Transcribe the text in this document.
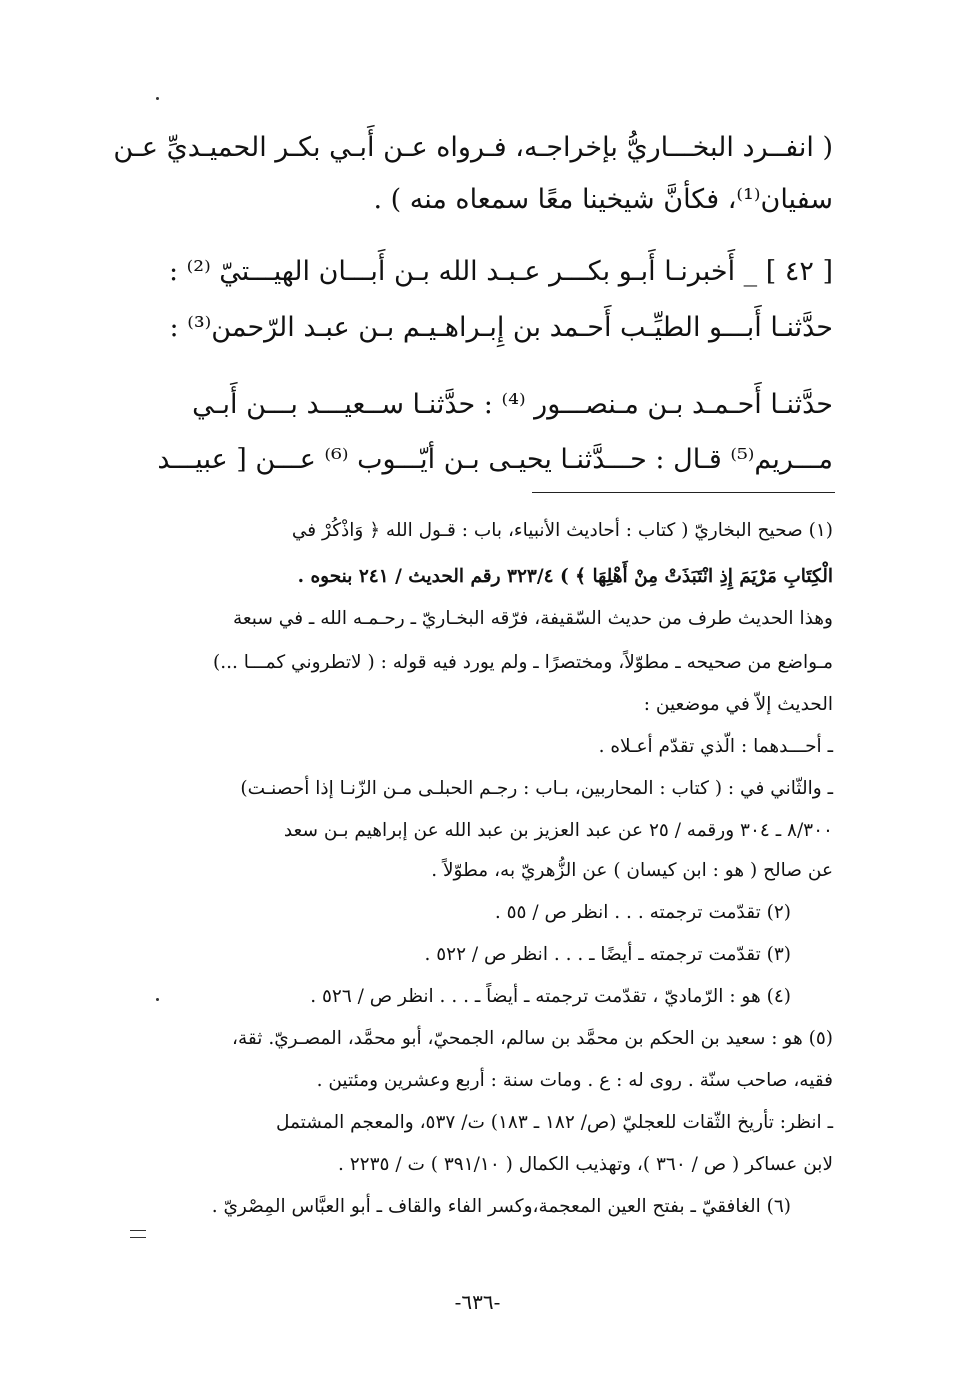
( انفــرد البخـــاريُّ بإخراجـه، فـرواه عـن أَبـي بكـر الحميـديِّ عـن
سفيان⁽¹⁾، فكأنَّ شيخينا معًا سمعاه منه ) .
[ ٤٢ ] _ أَخبرنـا أَبـو بكـــر عـبـد الله بـن أَبـــان الهيـــتيّ ⁽²⁾ :
حدَّثنـا أَبـــو الطيِّـب أَحـمد بن إِبـراهـيـم بـن عبـد الرّحمن⁽³⁾ :
حدَّثنـا أَحـمـد بـن مـنصـــور ⁽⁴⁾ : حدَّثنـا ســعيـــد بـــن أَبـي
مـــريم⁽⁵⁾ قـال : حـــدَّثنـا يحيـى بـن أيّـــوب ⁽⁶⁾ عـــن [ عبيـــد
(١) صحيح البخاريّ ( كتاب : أحاديث الأنبياء، باب : قـول الله ﴿ وَاذْكُرْ في
الْكِتَابِ مَرْيَمَ إِذِ انْتَبَذَتْ مِنْ أَهْلِهَا ﴾ ) ٣٢٣/٤ رقم الحديث / ٢٤١ بنحوه .
وهذا الحديث طرف من حديث السّقيفة، فرّقه البخـاريّ ـ رحـمـه الله ـ في سبعة
مـواضع من صحيحه ـ مطوّلاً، ومختصرًا ـ ولم يورد فيه قوله : ( لاتطروني كمـــا ...)
الحديث إلاّ في موضعين :
ـ أحـــدهما : الّذي تقدّم أعـلاه .
ـ والثّاني في : ( كتاب : المحاربين، بـاب : رجـم الحبلـى مـن الزّنـا إذا أحصنـت)
٨/٣٠٠ ـ ٣٠٤ ورقمه / ٢٥ عن عبد العزيز بن عبد الله عن إبراهيم بـن سعد
عن صالح ( هو : ابن كيسان ) عن الزُّهريّ به، مطوّلاً .
(٢) تقدّمت ترجمته . . . انظر ص / ٥٥ .
(٣) تقدّمت ترجمته ـ أيضًا ـ . . . انظر ص / ٥٢٢ .
(٤) هو : الرّماديّ ، تقدّمت ترجمته ـ أيضاً ـ . . . انظر ص / ٥٢٦ .
(٥) هو : سعيد بن الحكم بن محمَّد بن سالم، الجمحيّ، أبو محمَّد، المصـريّ. ثقة،
فقيه، صاحب سنّة . روى له : ع . ومات سنة : أربع وعشرين ومئتين .
ـ انظر: تأريخ الثّقات للعجليّ (ص/ ١٨٢ ـ ١٨٣) ت/ ٥٣٧، والمعجم المشتمل
لابن عساكر ( ص / ٣٦٠ )، وتهذيب الكمال ( ٣٩١/١٠ ) ت / ٢٢٣٥ .
(٦) الغافقيّ ـ بفتح العين المعجمة،وكسر الفاء والقاف ـ أبو العبَّاس المِصْريّ .
-٦٣٦-
